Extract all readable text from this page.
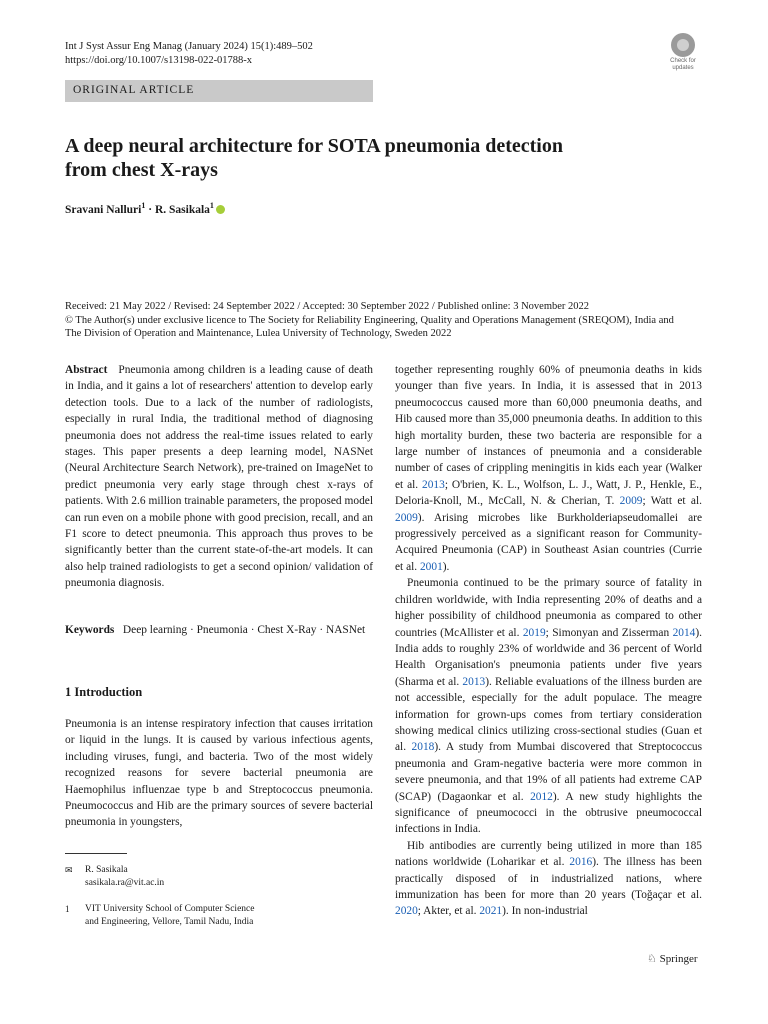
Int J Syst Assur Eng Manag (January 2024) 15(1):489–502
https://doi.org/10.1007/s13198-022-01788-x	Check for
updates
ORIGINAL ARTICLE
A deep neural architecture for SOTA pneumonia detection
from chest X-rays
Sravani Nalluri$^1$ · R. Sasikala$^1$
Received: 21 May 2022 / Revised: 24 September 2022 / Accepted: 30 September 2022 / Published online: 3 November 2022
© The Author(s) under exclusive licence to The Society for Reliability Engineering, Quality and Operations Management (SREQOM), India and
The Division of Operation and Maintenance, Lulea University of Technology, Sweden 2022

Abstract Pneumonia among children is a leading cause of death in India, and it gains a lot of researchers' attention to develop early detection tools. Due to a lack of the number of radiologists, especially in rural India, the traditional method of diagnosing pneumonia does not address the real-time issues related to early stages. This paper presents a deep learning model, NASNet (Neural Architecture Search Network), pre-trained on ImageNet to predict pneumonia very early stage through chest x-rays of patients. With 2.6 million trainable parameters, the proposed model can run even on a mobile phone with good precision, recall, and an F1 score to detect pneumonia. This approach thus proves to be significantly better than the current state-of-the-art models. It can also help trained radiologists to get a second opinion/ validation of pneumonia diagnosis.

Keywords Deep learning · Pneumonia · Chest X-Ray · NASNet

1 Introduction

Pneumonia is an intense respiratory infection that causes irritation or liquid in the lungs. It is caused by various infectious agents, including viruses, fungi, and bacteria. Two of the most widely recognized reasons for severe bacterial pneumonia are Haemophilus influenzae type b and Streptococcus pneumonia. Pneumococcus and Hib are the primary sources of severe bacterial pneumonia in youngsters,

together representing roughly 60% of pneumonia deaths in kids younger than five years. In India, it is assessed that in 2013 pneumococcus caused more than 60,000 pneumonia deaths, and Hib caused more than 35,000 pneumonia deaths. In addition to this high mortality burden, these two bacteria are responsible for a large number of instances of pneumonia and a considerable number of cases of crippling meningitis in kids each year (Walker et al. 2013; O'brien, K. L., Wolfson, L. J., Watt, J. P., Henkle, E., Deloria-Knoll, M., McCall, N. & Cherian, T. 2009; Watt et al. 2009). Arising microbes like Burkholderiapseudomallei are progressively perceived as a significant reason for Community-Acquired Pneumonia (CAP) in Southeast Asian countries (Currie et al. 2001).

Pneumonia continued to be the primary source of fatality in children worldwide, with India representing 20% of deaths and a higher possibility of childhood pneumonia as compared to other countries (McAllister et al. 2019; Simonyan and Zisserman 2014). India adds to roughly 23% of worldwide and 36 percent of World Health Organisation's pneumonia patients under five years (Sharma et al. 2013). Reliable evaluations of the illness burden are not accessible, especially for the adult populace. The meagre information for grown-ups comes from tertiary consideration showing medical clinics utilizing cross-sectional studies (Guan et al. 2018). A study from Mumbai discovered that Streptococcus pneumonia and Gram-negative bacteria were more common in severe pneumonia, and that 19% of all patients had extreme CAP (SCAP) (Dagaonkar et al. 2012). A new study highlights the significance of pneumococci in the obtrusive pneumococcal infections in India.

Hib antibodies are currently being utilized in more than 185 nations worldwide (Loharikar et al. 2016). The illness has been practically disposed of in industrialized nations, where immunization has been for more than 20 years (Toğaçar et al. 2020; Akter, et al. 2021). In non-industrial

✉ R. Sasikala
sasikala.ra@vit.ac.in
1 VIT University School of Computer Science
and Engineering, Vellore, Tamil Nadu, India
♘ Springer
